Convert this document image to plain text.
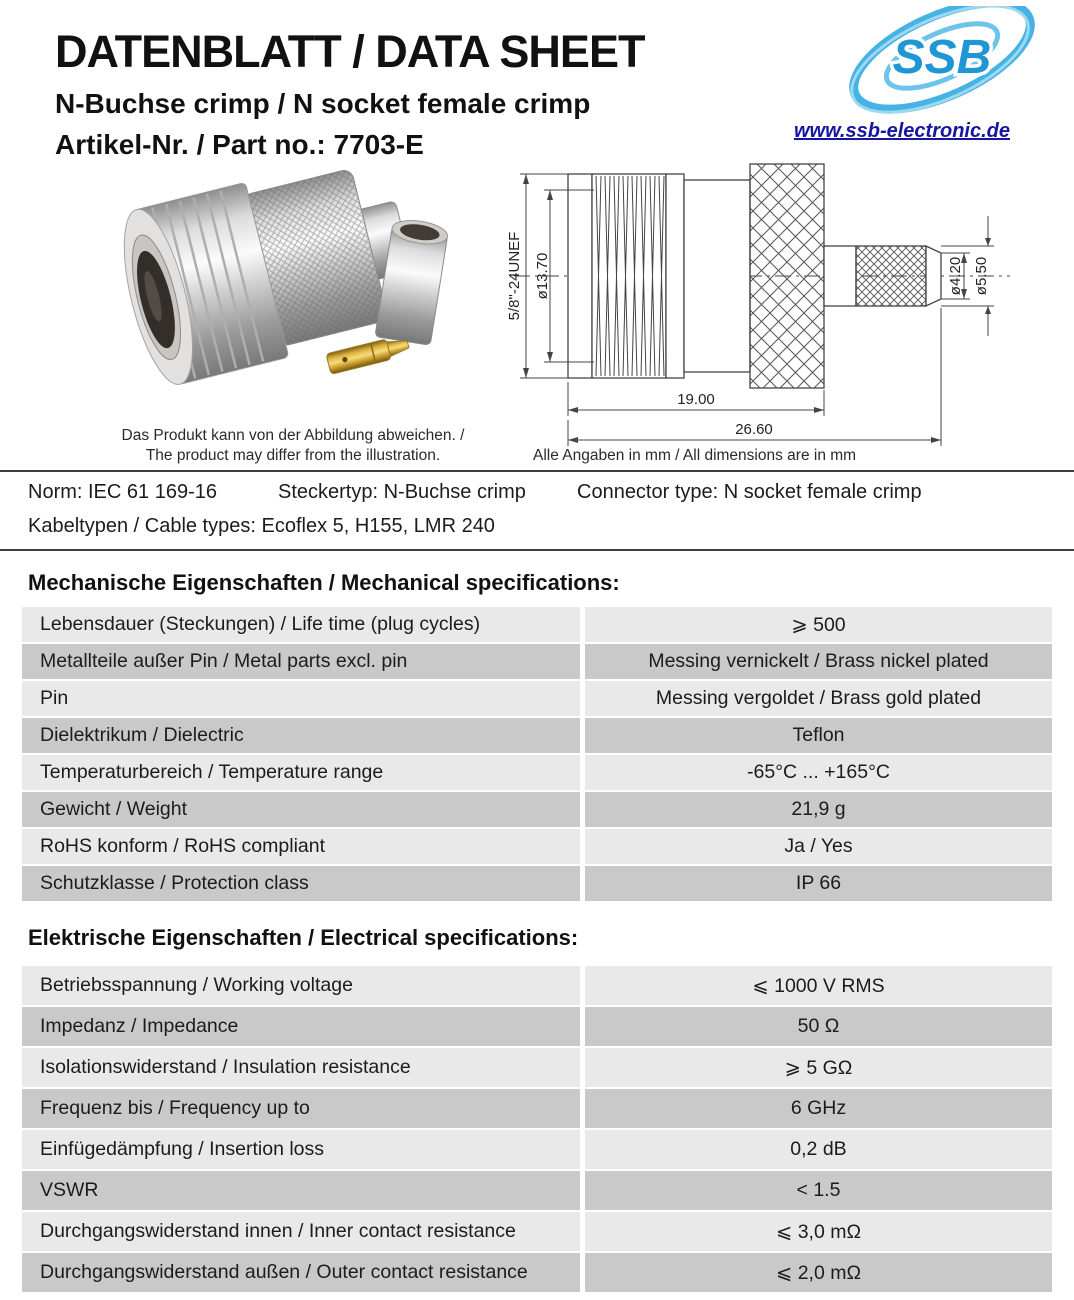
DATENBLATT / DATA SHEET
N-Buchse crimp / N socket female crimp
Artikel-Nr. / Part no.: 7703-E
SSB
www.ssb-electronic.de
Das Produkt kann von der Abbildung abweichen. /
The product may differ from the illustration.
5/8"-24UNEF ø13.70	ø4.20 ø5.50
19.00
26.60
Alle Angaben in mm / All dimensions are in mm
Norm: IEC 61 169-16	Steckertyp: N-Buchse crimp	Connector type: N socket female crimp
Kabeltypen / Cable types: Ecoflex 5, H155, LMR 240
Mechanische Eigenschaften / Mechanical specifications:
Lebensdauer (Steckungen) / Life time (plug cycles)	⩾ 500
Metallteile außer Pin / Metal parts excl. pin	Messing vernickelt / Brass nickel plated
Pin	Messing vergoldet / Brass gold plated
Dielektrikum / Dielectric	Teflon
Temperaturbereich / Temperature range	-65°C ... +165°C
Gewicht / Weight	21,9 g
RoHS konform / RoHS compliant	Ja / Yes
Schutzklasse / Protection class	IP 66
Elektrische Eigenschaften / Electrical specifications:
Betriebsspannung / Working voltage	⩽ 1000 V RMS
Impedanz / Impedance	50 Ω
Isolationswiderstand / Insulation resistance	⩾ 5 GΩ
Frequenz bis / Frequency up to	6 GHz
Einfügedämpfung / Insertion loss	0,2 dB
VSWR	< 1.5
Durchgangswiderstand innen / Inner contact resistance	⩽ 3,0 mΩ
Durchgangswiderstand außen / Outer contact resistance	⩽ 2,0 mΩ
